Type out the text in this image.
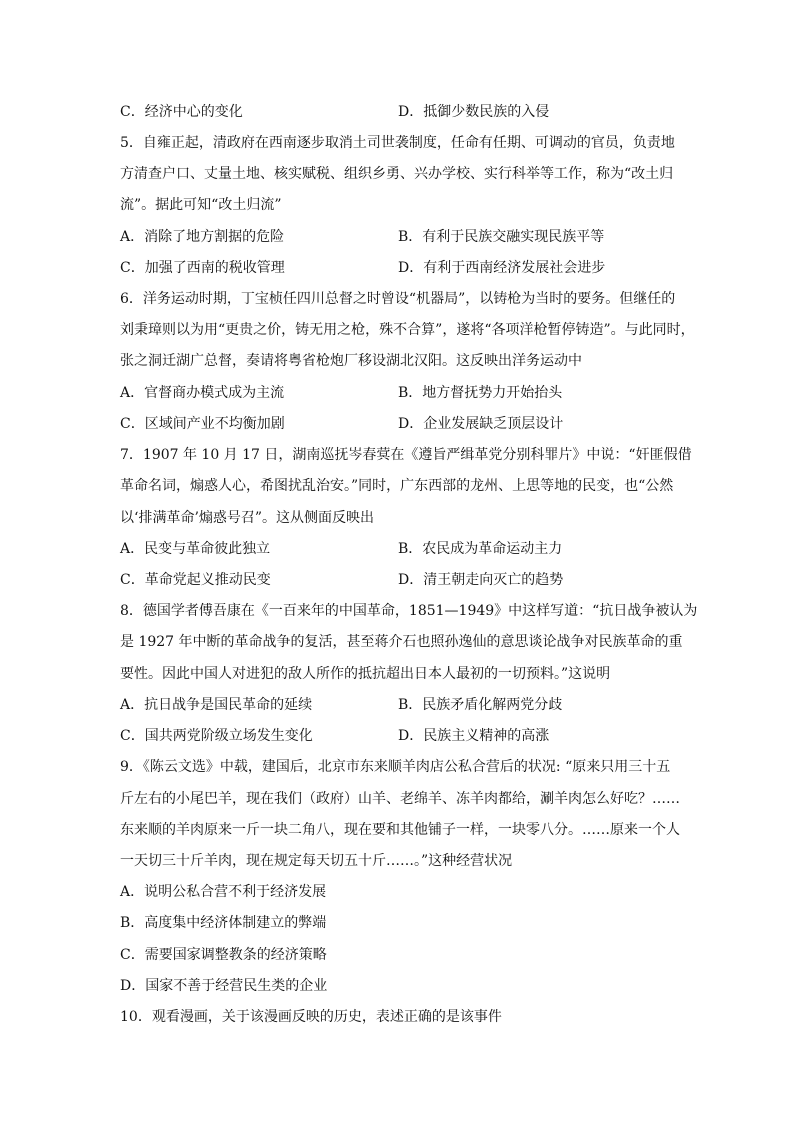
C．经济中心的变化	D．抵御少数民族的入侵
5．自雍正起，清政府在西南逐步取消土司世袭制度，任命有任期、可调动的官员，负责地
方清查户口、丈量土地、核实赋税、组织乡勇、兴办学校、实行科举等工作，称为“改土归
流”。据此可知“改土归流”
A．消除了地方割据的危险	B．有利于民族交融实现民族平等
C．加强了西南的税收管理	D．有利于西南经济发展社会进步
6．洋务运动时期，丁宝桢任四川总督之时曾设“机器局”，以铸枪为当时的要务。但继任的
刘秉璋则以为用“更贵之价，铸无用之枪，殊不合算”，遂将“各项洋枪暂停铸造”。与此同时，
张之洞迁湖广总督，奏请将粤省枪炮厂移设湖北汉阳。这反映出洋务运动中
A．官督商办模式成为主流	B．地方督抚势力开始抬头
C．区域间产业不均衡加剧	D．企业发展缺乏顶层设计
7．1907 年 10 月 17 日，湖南巡抚岑春蓂在《遵旨严缉革党分别科罪片》中说：“奸匪假借
革命名词，煽惑人心，希图扰乱治安。”同时，广东西部的龙州、上思等地的民变，也“公然
以‘排满革命’煽惑号召”。这从侧面反映出
A．民变与革命彼此独立	B．农民成为革命运动主力
C．革命党起义推动民变	D．清王朝走向灭亡的趋势
8．德国学者傅吾康在《一百来年的中国革命，1851—1949》中这样写道：“抗日战争被认为
是 1927 年中断的革命战争的复活，甚至蒋介石也照孙逸仙的意思谈论战争对民族革命的重
要性。因此中国人对进犯的敌人所作的抵抗超出日本人最初的一切预料。”这说明
A．抗日战争是国民革命的延续	B．民族矛盾化解两党分歧
C．国共两党阶级立场发生变化	D．民族主义精神的高涨
9．《陈云文选》中载，建国后，北京市东来顺羊肉店公私合营后的状况: “原来只用三十五
斤左右的小尾巴羊，现在我们（政府）山羊、老绵羊、冻羊肉都给，涮羊肉怎么好吃？……
东来顺的羊肉原来一斤一块二角八，现在要和其他铺子一样，一块零八分。……原来一个人
一天切三十斤羊肉，现在规定每天切五十斤……。”这种经营状况
A．说明公私合营不利于经济发展
B．高度集中经济体制建立的弊端
C．需要国家调整教条的经济策略
D．国家不善于经营民生类的企业
10．观看漫画，关于该漫画反映的历史，表述正确的是该事件
